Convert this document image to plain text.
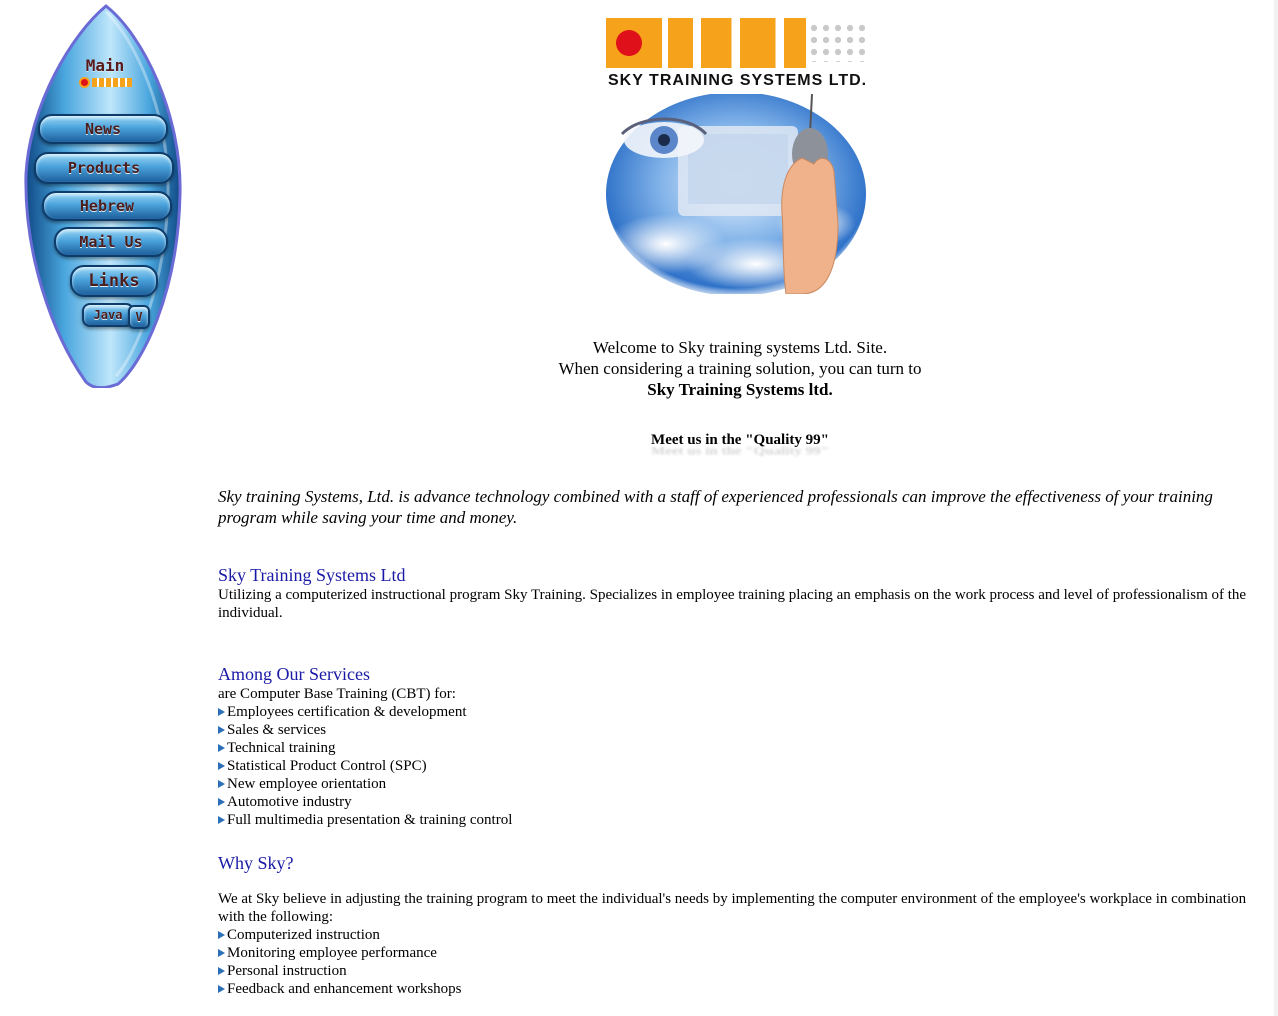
Main
News
Products
Hebrew
Mail Us
Links
Java V
SKY TRAINING SYSTEMS LTD.
Welcome to Sky training systems Ltd. Site.
When considering a training solution, you can turn to
Sky Training Systems ltd.
Meet us in the "Quality 99"
Meet us in the "Quality 99"
Sky training Systems, Ltd. is advance technology combined with a staff of experienced professionals can improve the effectiveness of your training program while saving your time and money.
Sky Training Systems Ltd

Utilizing a computerized instructional program Sky Training. Specializes in employee training placing an emphasis on the work process and level of professionalism of the individual.

Among Our Services

are Computer Base Training (CBT) for:

Employees certification & development
Sales & services
Technical training
Statistical Product Control (SPC)
New employee orientation
Automotive industry
Full multimedia presentation & training control
Why Sky?

We at Sky believe in adjusting the training program to meet the individual's needs by implementing the computer environment of the employee's workplace in combination with the following:

Computerized instruction
Monitoring employee performance
Personal instruction
Feedback and enhancement workshops
